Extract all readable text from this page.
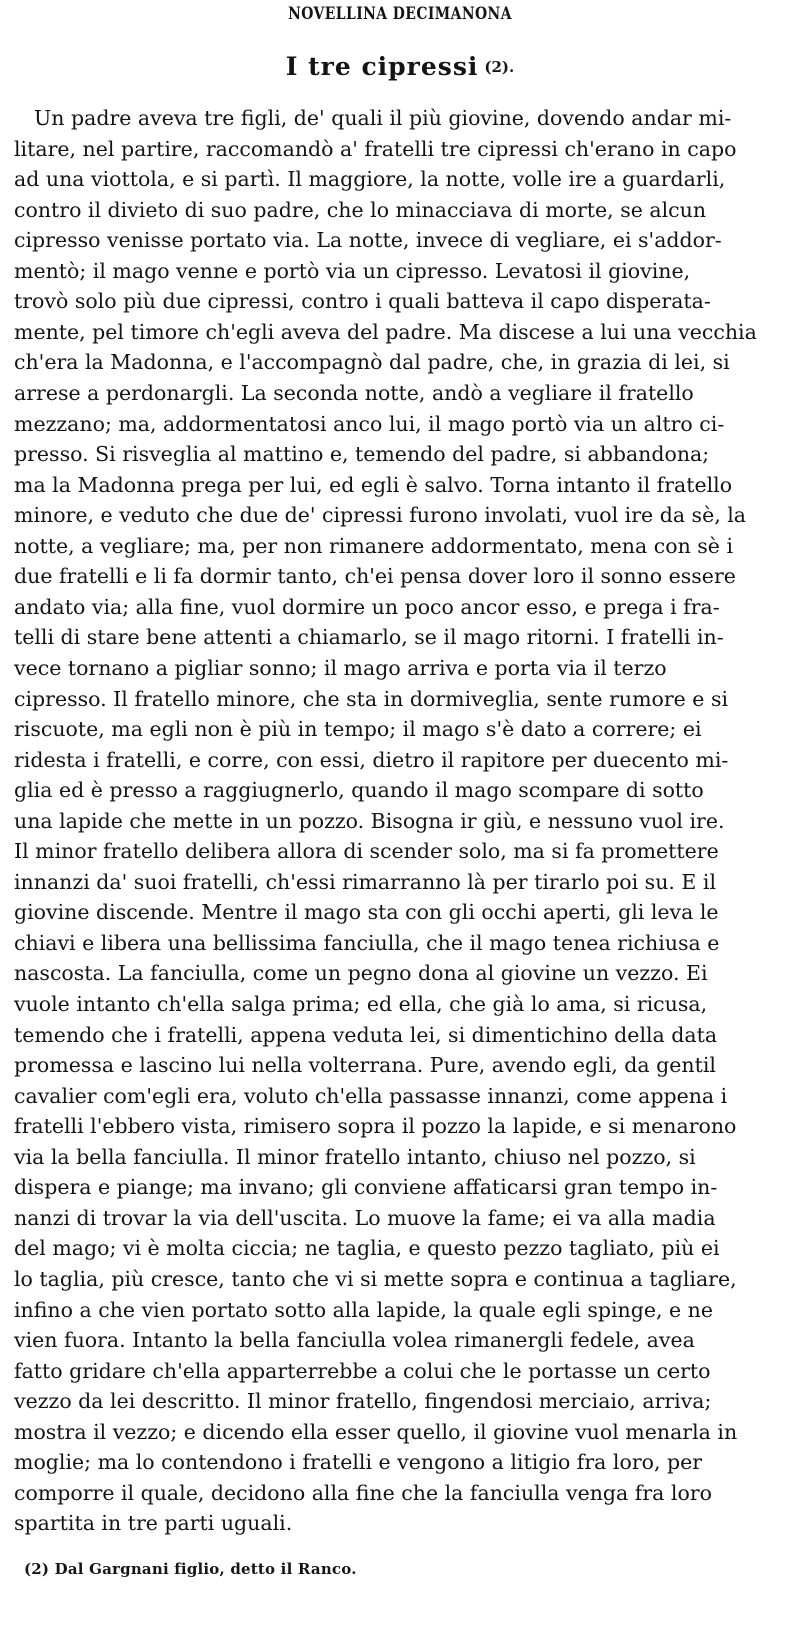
NOVELLINA DECIMANONA
I tre cipressi (2).
Un padre aveva tre figli, de' quali il più giovine, dovendo andar mi-
litare, nel partire, raccomandò a' fratelli tre cipressi ch'erano in capo
ad una viottola, e si partì. Il maggiore, la notte, volle ire a guardarli,
contro il divieto di suo padre, che lo minacciava di morte, se alcun
cipresso venisse portato via. La notte, invece di vegliare, ei s'addor-
mentò; il mago venne e portò via un cipresso. Levatosi il giovine,
trovò solo più due cipressi, contro i quali batteva il capo disperata-
mente, pel timore ch'egli aveva del padre. Ma discese a lui una vecchia
ch'era la Madonna, e l'accompagnò dal padre, che, in grazia di lei, si
arrese a perdonargli. La seconda notte, andò a vegliare il fratello
mezzano; ma, addormentatosi anco lui, il mago portò via un altro ci-
presso. Si risveglia al mattino e, temendo del padre, si abbandona;
ma la Madonna prega per lui, ed egli è salvo. Torna intanto il fratello
minore, e veduto che due de' cipressi furono involati, vuol ire da sè, la
notte, a vegliare; ma, per non rimanere addormentato, mena con sè i
due fratelli e li fa dormir tanto, ch'ei pensa dover loro il sonno essere
andato via; alla fine, vuol dormire un poco ancor esso, e prega i fra-
telli di stare bene attenti a chiamarlo, se il mago ritorni. I fratelli in-
vece tornano a pigliar sonno; il mago arriva e porta via il terzo
cipresso. Il fratello minore, che sta in dormiveglia, sente rumore e si
riscuote, ma egli non è più in tempo; il mago s'è dato a correre; ei
ridesta i fratelli, e corre, con essi, dietro il rapitore per duecento mi-
glia ed è presso a raggiugnerlo, quando il mago scompare di sotto
una lapide che mette in un pozzo. Bisogna ir giù, e nessuno vuol ire.
Il minor fratello delibera allora di scender solo, ma si fa promettere
innanzi da' suoi fratelli, ch'essi rimarranno là per tirarlo poi su. E il
giovine discende. Mentre il mago sta con gli occhi aperti, gli leva le
chiavi e libera una bellissima fanciulla, che il mago tenea richiusa e
nascosta. La fanciulla, come un pegno dona al giovine un vezzo. Ei
vuole intanto ch'ella salga prima; ed ella, che già lo ama, si ricusa,
temendo che i fratelli, appena veduta lei, si dimentichino della data
promessa e lascino lui nella volterrana. Pure, avendo egli, da gentil
cavalier com'egli era, voluto ch'ella passasse innanzi, come appena i
fratelli l'ebbero vista, rimisero sopra il pozzo la lapide, e si menarono
via la bella fanciulla. Il minor fratello intanto, chiuso nel pozzo, si
dispera e piange; ma invano; gli conviene affaticarsi gran tempo in-
nanzi di trovar la via dell'uscita. Lo muove la fame; ei va alla madia
del mago; vi è molta ciccia; ne taglia, e questo pezzo tagliato, più ei
lo taglia, più cresce, tanto che vi si mette sopra e continua a tagliare,
infino a che vien portato sotto alla lapide, la quale egli spinge, e ne
vien fuora. Intanto la bella fanciulla volea rimanergli fedele, avea
fatto gridare ch'ella apparterrebbe a colui che le portasse un certo
vezzo da lei descritto. Il minor fratello, fingendosi merciaio, arriva;
mostra il vezzo; e dicendo ella esser quello, il giovine vuol menarla in
moglie; ma lo contendono i fratelli e vengono a litigio fra loro, per
comporre il quale, decidono alla fine che la fanciulla venga fra loro
spartita in tre parti uguali.

(2) Dal Gargnani figlio, detto il Ranco.
